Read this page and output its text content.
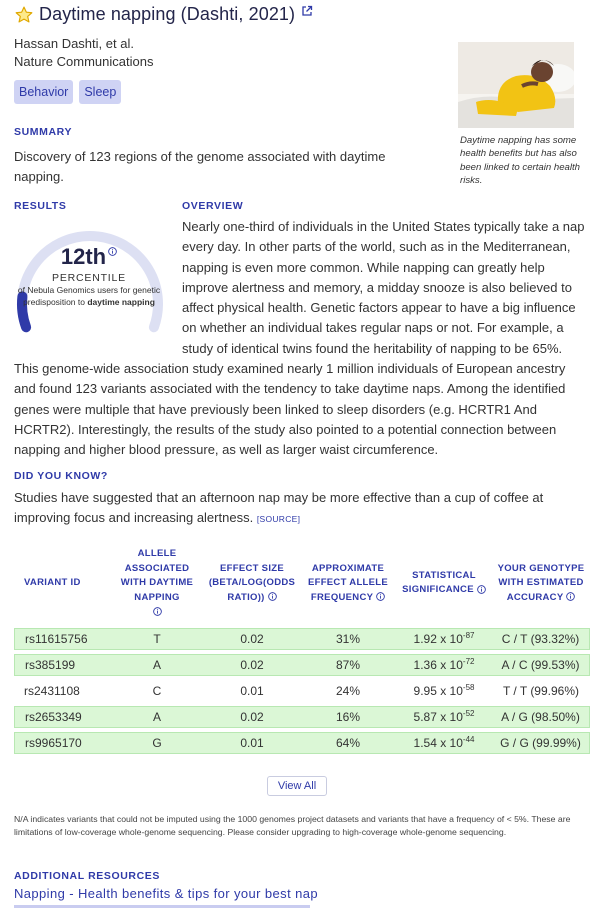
Daytime napping (Dashti, 2021)
Hassan Dashti, et al.
Nature Communications
Behavior	Sleep
Daytime napping has some health benefits but has also been linked to certain health risks.
SUMMARY
Discovery of 123 regions of the genome associated with daytime napping.
RESULTS	OVERVIEW
12th
PERCENTILE
of Nebula Genomics users for genetic predisposition to daytime napping
Nearly one-third of individuals in the United States typically take a nap every day. In other parts of the world, such as in the Mediterranean, napping is even more common. While napping can greatly help improve alertness and memory, a midday snooze is also believed to affect physical health. Genetic factors appear to have a big influence on whether an individual takes regular naps or not. For example, a study of identical twins found the heritability of napping to be 65%. This genome-wide association study examined nearly 1 million individuals of European ancestry and found 123 variants associated with the tendency to take daytime naps. Among the identified genes were multiple that have previously been linked to sleep disorders (e.g. HCRTR1 And HCRTR2). Interestingly, the results of the study also pointed to a potential connection between napping and higher blood pressure, as well as larger waist circumference.
DID YOU KNOW?
Studies have suggested that an afternoon nap may be more effective than a cup of coffee at improving focus and increasing alertness. [SOURCE]
VARIANT ID	ALLELE ASSOCIATED WITH DAYTIME NAPPING	EFFECT SIZE (BETA/LOG(ODDS RATIO))	APPROXIMATE EFFECT ALLELE FREQUENCY	STATISTICAL SIGNIFICANCE	YOUR GENOTYPE WITH ESTIMATED ACCURACY
rs11615756	T	0.02	31%	1.92 x $10^{-87}$	C / T (93.32%)
rs385199	A	0.02	87%	1.36 x $10^{-72}$	A / C (99.53%)
rs2431108	C	0.01	24%	9.95 x $10^{-58}$	T / T (99.96%)
rs2653349	A	0.02	16%	5.87 x $10^{-52}$	A / G (98.50%)
rs9965170	G	0.01	64%	1.54 x $10^{-44}$	G / G (99.99%)
View All
N/A indicates variants that could not be imputed using the 1000 genomes project datasets and variants that have a frequency of < 5%. These are limitations of low-coverage whole-genome sequencing. Please consider upgrading to high-coverage whole-genome sequencing.
ADDITIONAL RESOURCES
Napping - Health benefits & tips for your best nap
